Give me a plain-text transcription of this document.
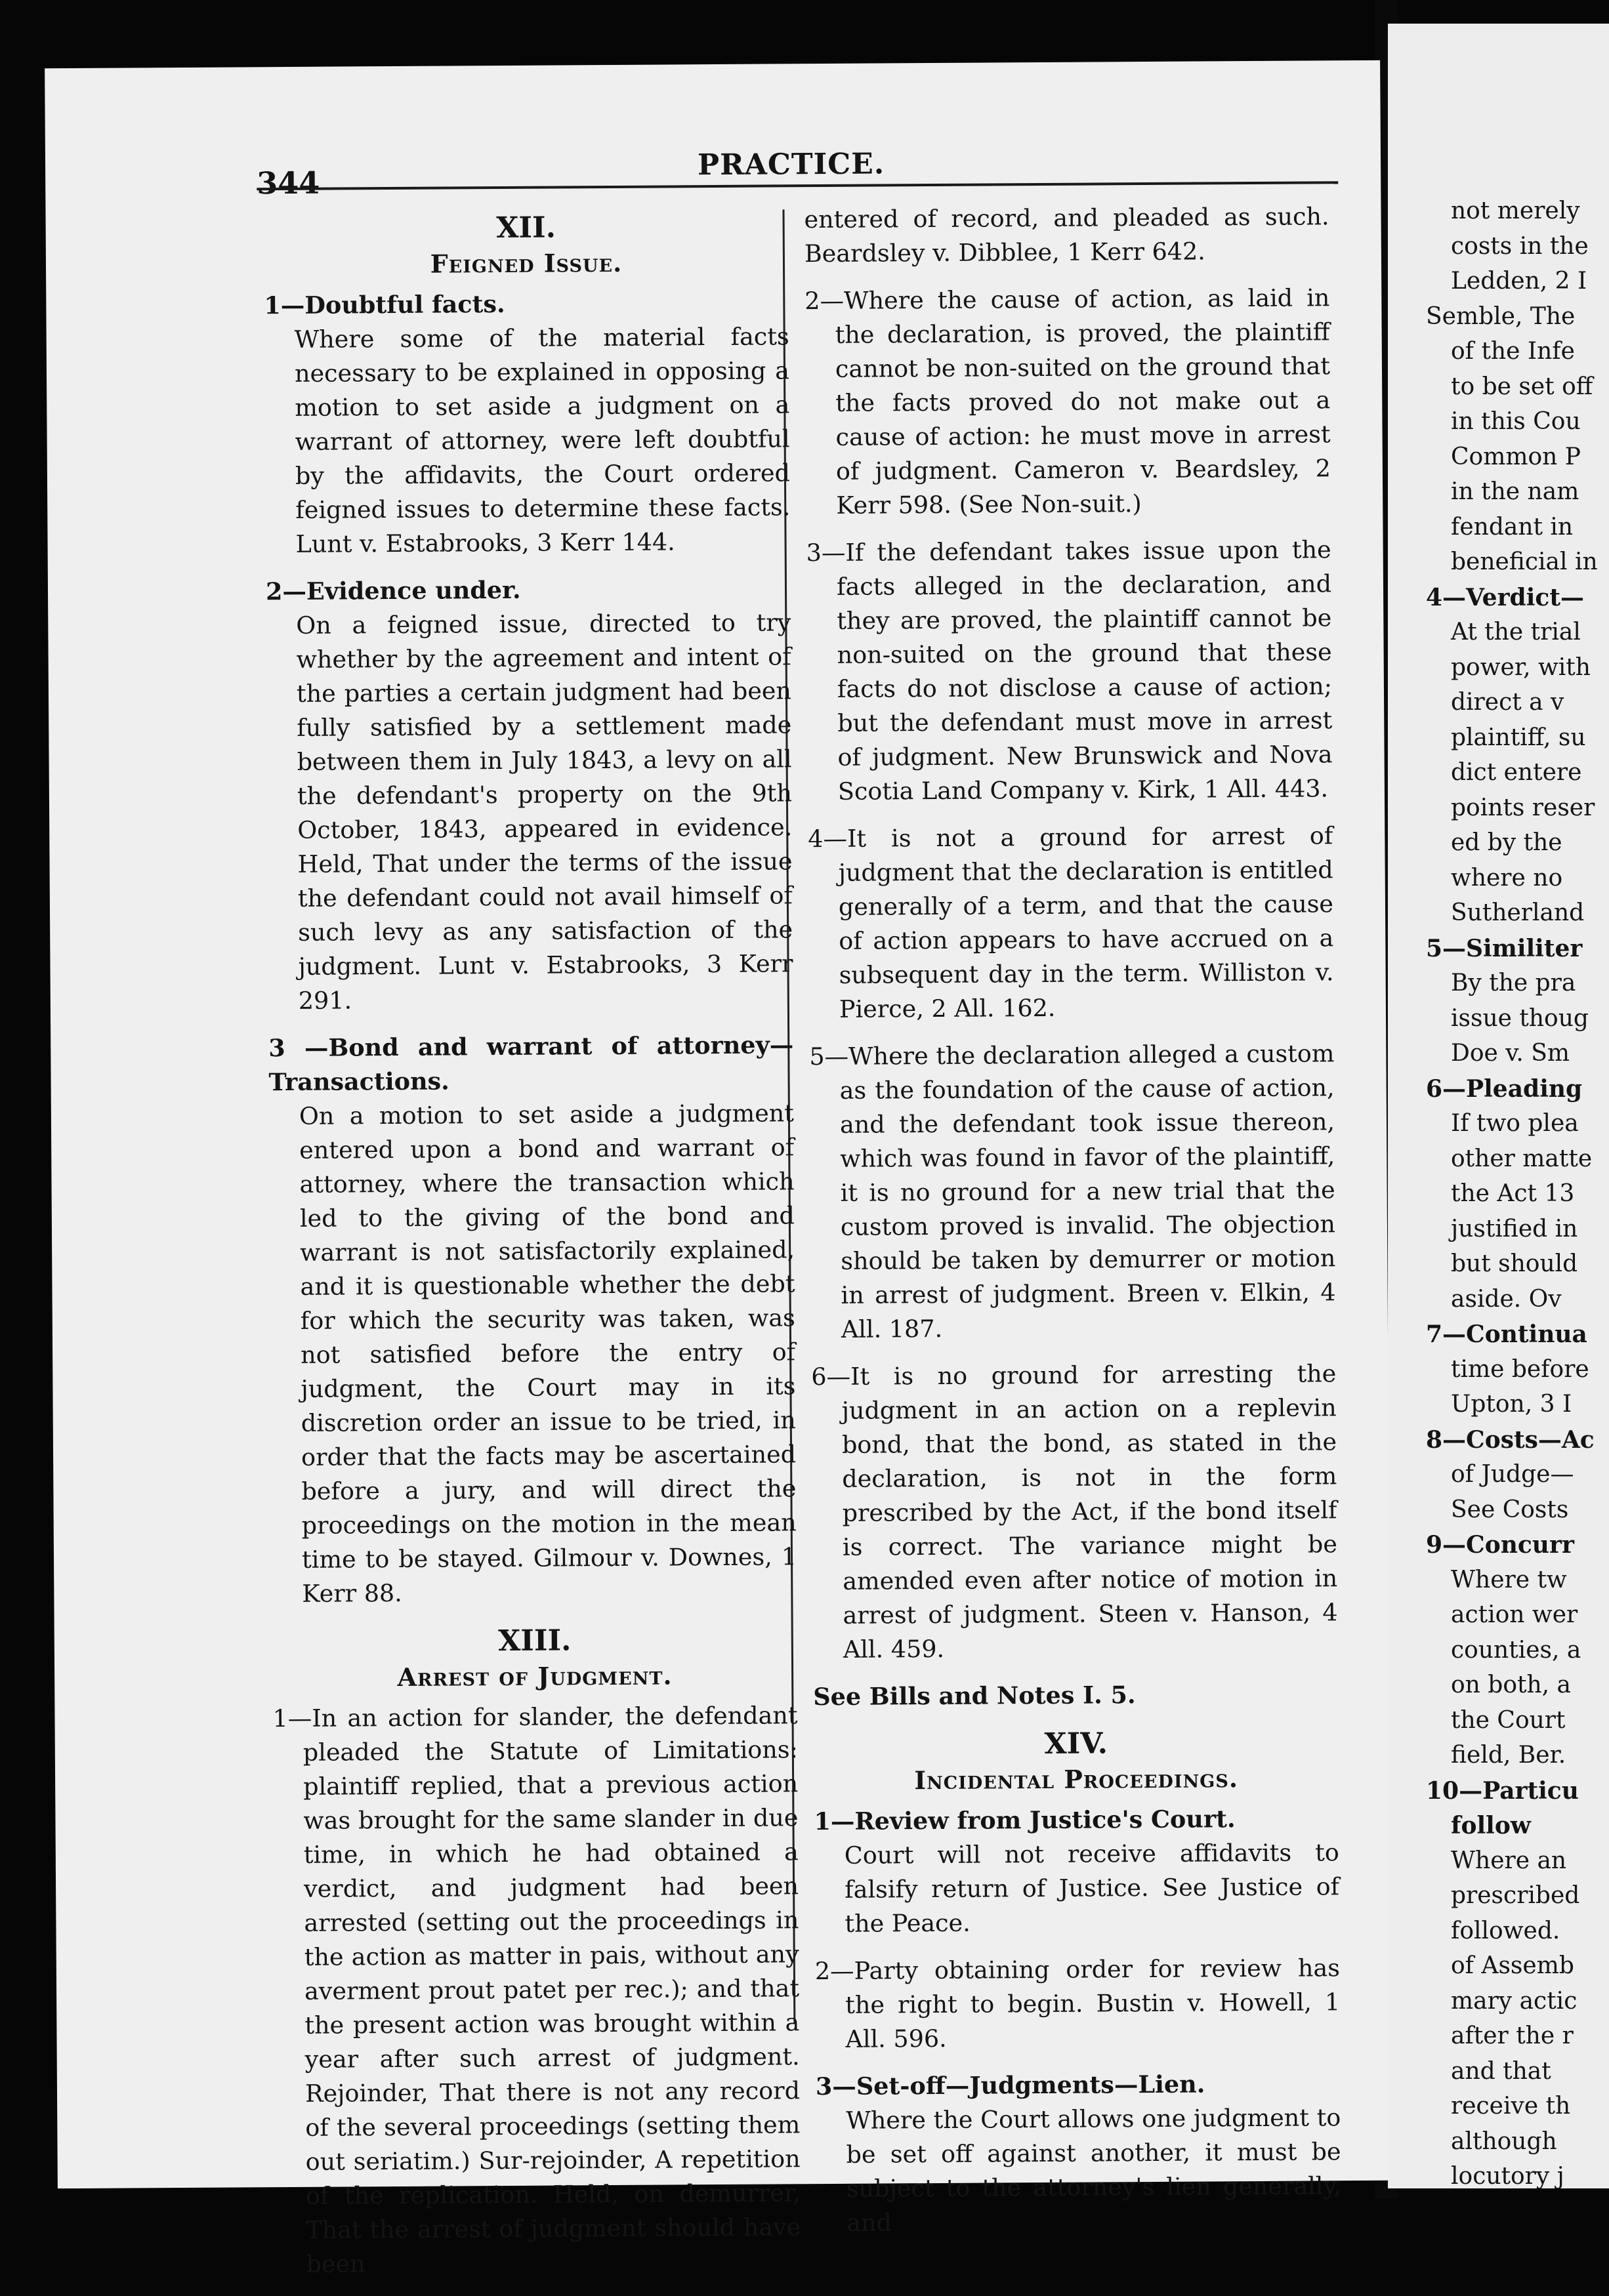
344
PRACTICE.
XII.
Feigned Issue.
1—Doubtful facts.
Where some of the material facts necessary to be explained in opposing a motion to set aside a judgment on a warrant of attorney, were left doubtful by the affidavits, the Court ordered feigned issues to determine these facts. Lunt v. Estabrooks, 3 Kerr 144.
2—Evidence under.
On a feigned issue, directed to try whether by the agreement and intent of the parties a certain judgment had been fully satisfied by a settlement made between them in July 1843, a levy on all the defendant's property on the 9th October, 1843, appeared in evidence. Held, That under the terms of the issue the defendant could not avail himself of such levy as any satisfaction of the judgment. Lunt v. Estabrooks, 3 Kerr 291.
3 —Bond and warrant of attorney—Transactions.
On a motion to set aside a judgment entered upon a bond and warrant of attorney, where the transaction which led to the giving of the bond and warrant is not satisfactorily explained, and it is questionable whether the debt for which the security was taken, was not satisfied before the entry of judgment, the Court may in its discretion order an issue to be tried, in order that the facts may be ascertained before a jury, and will direct the proceedings on the motion in the mean time to be stayed. Gilmour v. Downes, 1 Kerr 88.
XIII.
Arrest of Judgment.
1—In an action for slander, the defendant pleaded the Statute of Limitations: plaintiff replied, that a previous action was brought for the same slander in due time, in which he had obtained a verdict, and judgment had been arrested (setting out the proceedings in the action as matter in pais, without any averment prout patet per rec.); and that the present action was brought within a year after such arrest of judgment. Rejoinder, That there is not any record of the several proceedings (setting them out seriatim.) Sur-rejoinder, A repetition of the replication. Held, on demurrer, That the arrest of judgment should have been
entered of record, and pleaded as such. Beardsley v. Dibblee, 1 Kerr 642.
2—Where the cause of action, as laid in the declaration, is proved, the plaintiff cannot be non-suited on the ground that the facts proved do not make out a cause of action: he must move in arrest of judgment. Cameron v. Beardsley, 2 Kerr 598. (See Non-suit.)
3—If the defendant takes issue upon the facts alleged in the declaration, and they are proved, the plaintiff cannot be non-suited on the ground that these facts do not disclose a cause of action; but the defendant must move in arrest of judgment. New Brunswick and Nova Scotia Land Company v. Kirk, 1 All. 443.
4—It is not a ground for arrest of judgment that the declaration is entitled generally of a term, and that the cause of action appears to have accrued on a subsequent day in the term. Williston v. Pierce, 2 All. 162.
5—Where the declaration alleged a custom as the foundation of the cause of action, and the defendant took issue thereon, which was found in favor of the plaintiff, it is no ground for a new trial that the custom proved is invalid. The objection should be taken by demurrer or motion in arrest of judgment. Breen v. Elkin, 4 All. 187.
6—It is no ground for arresting the judgment in an action on a replevin bond, that the bond, as stated in the declaration, is not in the form prescribed by the Act, if the bond itself is correct. The variance might be amended even after notice of motion in arrest of judgment. Steen v. Hanson, 4 All. 459.
See Bills and Notes I. 5.
XIV.
Incidental Proceedings.
1—Review from Justice's Court.
Court will not receive affidavits to falsify return of Justice. See Justice of the Peace.
2—Party obtaining order for review has the right to begin. Bustin v. Howell, 1 All. 596.
3—Set-off—Judgments—Lien.
Where the Court allows one judgment to be set off against another, it must be subject to the attorney's lien generally, and
not merely
costs in the
Ledden, 2 I
Semble, The
of the Infe
to be set off
in this Cou
Common P
in the nam
fendant in
beneficial in
4—Verdict—
At the trial
power, with
direct a v
plaintiff, su
dict entere
points reser
ed by the
where no
Sutherland
5—Similiter
By the pra
issue thoug
Doe v. Sm
6—Pleading
If two plea
other matte
the Act 13
justified in
but should
aside. Ov
7—Continua
time before
Upton, 3 I
8—Costs—Ac
of Judge—
See Costs
9—Concurr
Where tw
action wer
counties, a
on both, a
the Court
field, Ber.
10—Particu
follow
Where an
prescribed
followed.
of Assemb
mary actic
after the r
and that
receive th
although
locutory j
